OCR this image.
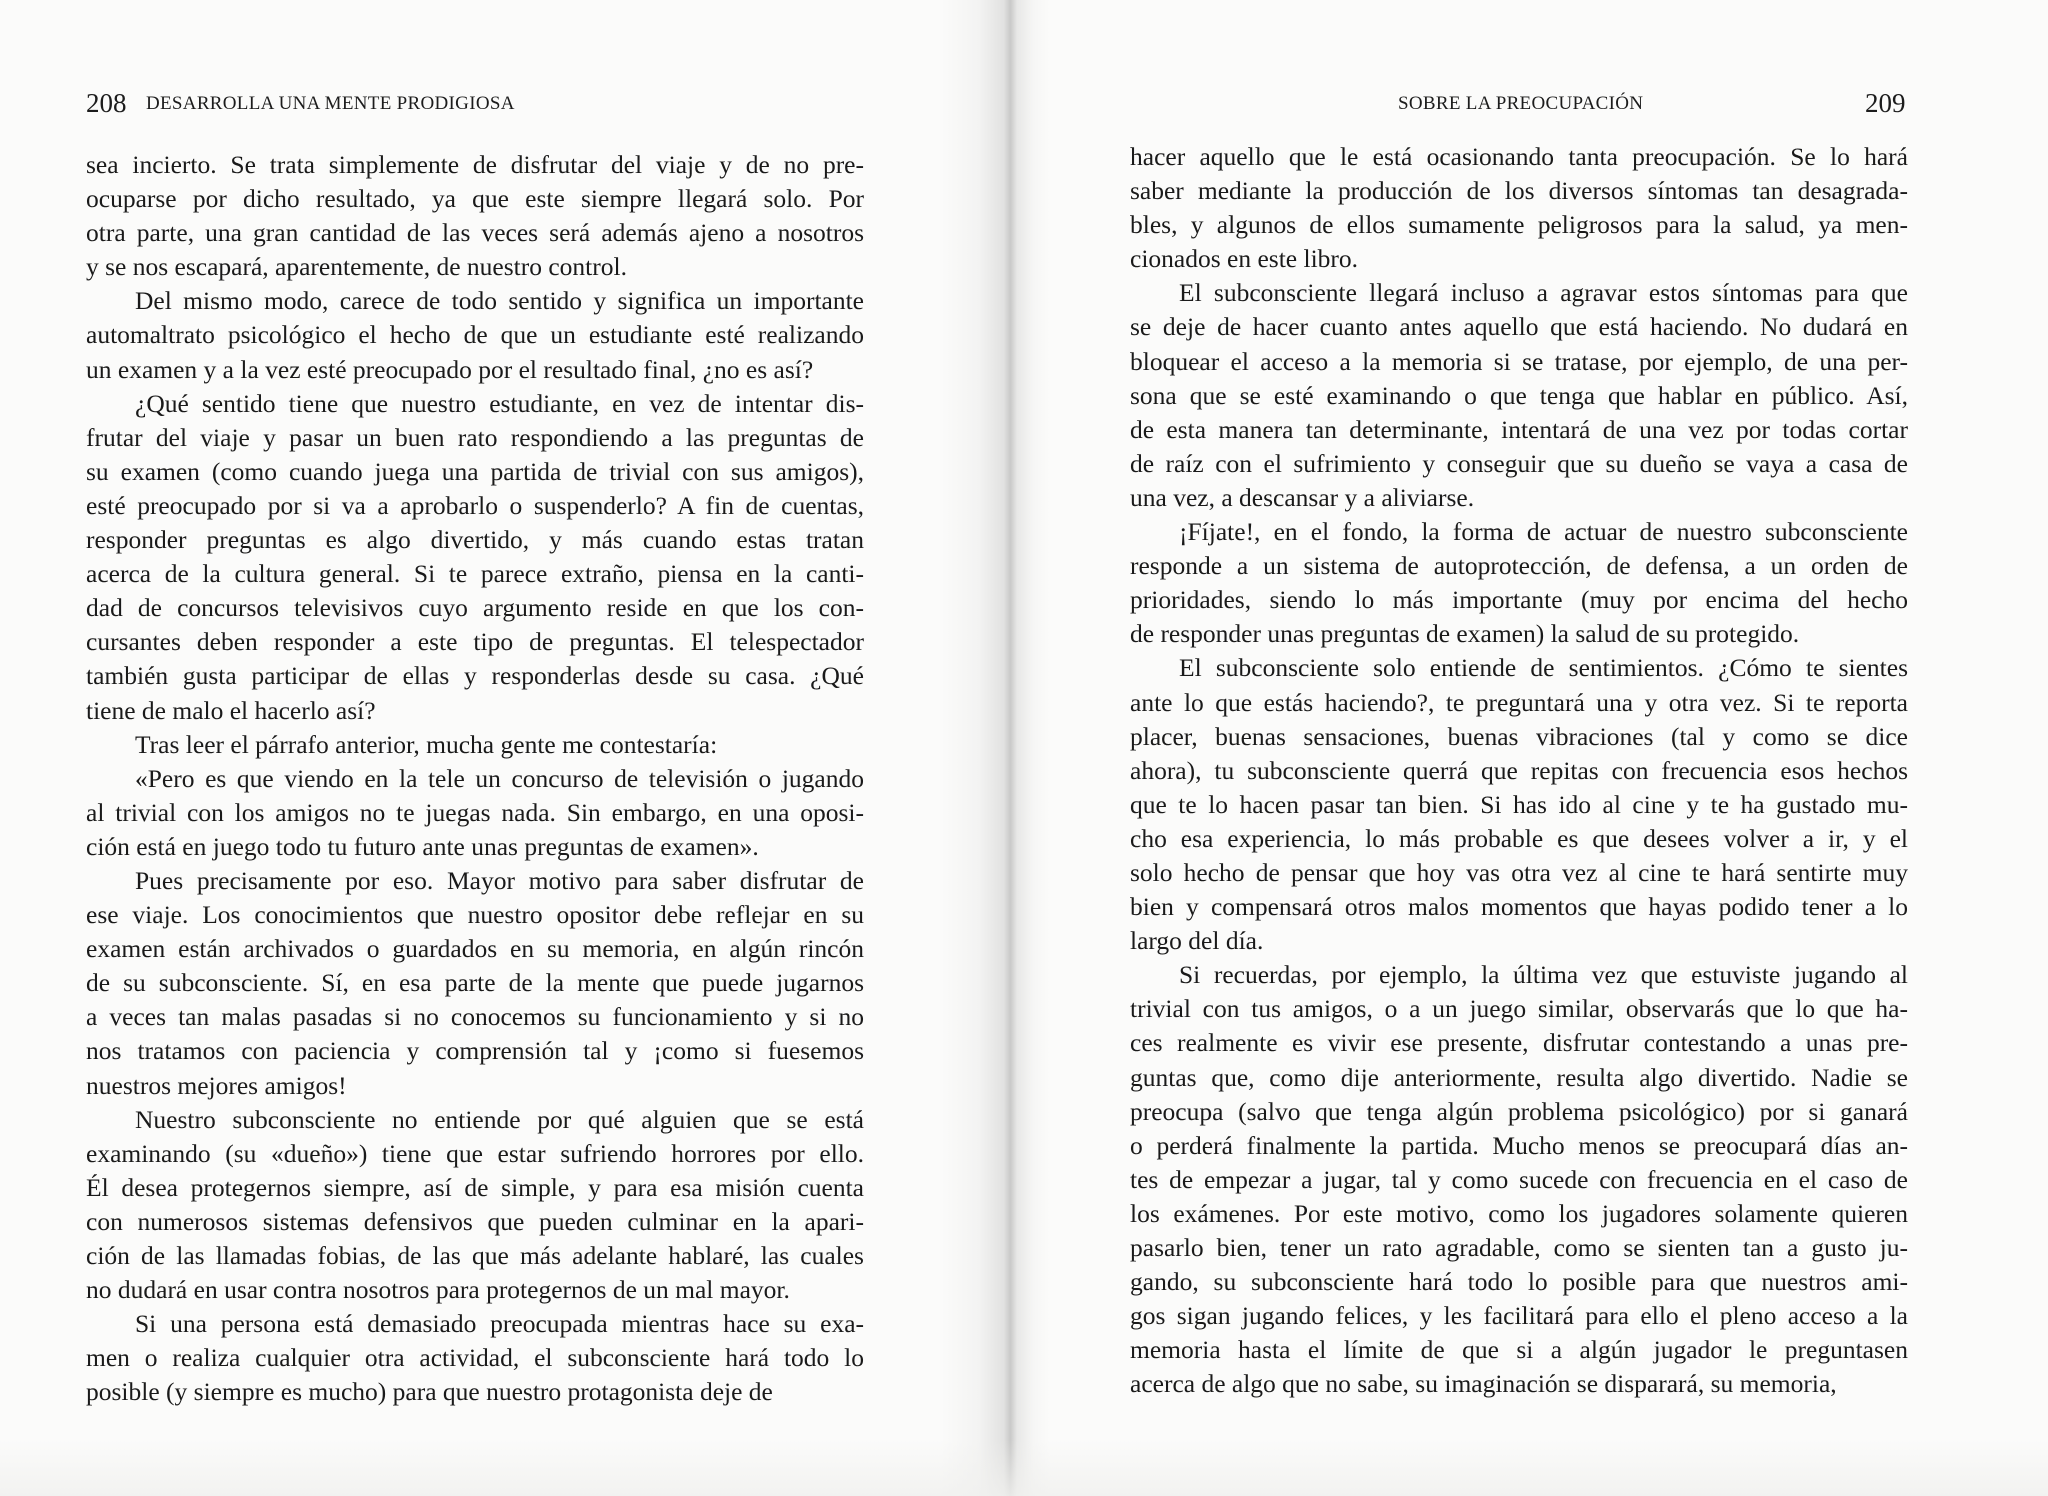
208 DESARROLLA UNA MENTE PRODIGIOSA
sea incierto. Se trata simplemente de disfrutar del viaje y de no pre-
ocuparse por dicho resultado, ya que este siempre llegará solo. Por
otra parte, una gran cantidad de las veces será además ajeno a nosotros
y se nos escapará, aparentemente, de nuestro control.
Del mismo modo, carece de todo sentido y significa un importante
automaltrato psicológico el hecho de que un estudiante esté realizando
un examen y a la vez esté preocupado por el resultado final, ¿no es así?
¿Qué sentido tiene que nuestro estudiante, en vez de intentar dis-
frutar del viaje y pasar un buen rato respondiendo a las preguntas de
su examen (como cuando juega una partida de trivial con sus amigos),
esté preocupado por si va a aprobarlo o suspenderlo? A fin de cuentas,
responder preguntas es algo divertido, y más cuando estas tratan
acerca de la cultura general. Si te parece extraño, piensa en la canti-
dad de concursos televisivos cuyo argumento reside en que los con-
cursantes deben responder a este tipo de preguntas. El telespectador
también gusta participar de ellas y responderlas desde su casa. ¿Qué
tiene de malo el hacerlo así?
Tras leer el párrafo anterior, mucha gente me contestaría:
«Pero es que viendo en la tele un concurso de televisión o jugando
al trivial con los amigos no te juegas nada. Sin embargo, en una oposi-
ción está en juego todo tu futuro ante unas preguntas de examen».
Pues precisamente por eso. Mayor motivo para saber disfrutar de
ese viaje. Los conocimientos que nuestro opositor debe reflejar en su
examen están archivados o guardados en su memoria, en algún rincón
de su subconsciente. Sí, en esa parte de la mente que puede jugarnos
a veces tan malas pasadas si no conocemos su funcionamiento y si no
nos tratamos con paciencia y comprensión tal y ¡como si fuesemos
nuestros mejores amigos!
Nuestro subconsciente no entiende por qué alguien que se está
examinando (su «dueño») tiene que estar sufriendo horrores por ello.
Él desea protegernos siempre, así de simple, y para esa misión cuenta
con numerosos sistemas defensivos que pueden culminar en la apari-
ción de las llamadas fobias, de las que más adelante hablaré, las cuales
no dudará en usar contra nosotros para protegernos de un mal mayor.
Si una persona está demasiado preocupada mientras hace su exa-
men o realiza cualquier otra actividad, el subconsciente hará todo lo
posible (y siempre es mucho) para que nuestro protagonista deje de
SOBRE LA PREOCUPACIÓN	209
hacer aquello que le está ocasionando tanta preocupación. Se lo hará
saber mediante la producción de los diversos síntomas tan desagrada-
bles, y algunos de ellos sumamente peligrosos para la salud, ya men-
cionados en este libro.
El subconsciente llegará incluso a agravar estos síntomas para que
se deje de hacer cuanto antes aquello que está haciendo. No dudará en
bloquear el acceso a la memoria si se tratase, por ejemplo, de una per-
sona que se esté examinando o que tenga que hablar en público. Así,
de esta manera tan determinante, intentará de una vez por todas cortar
de raíz con el sufrimiento y conseguir que su dueño se vaya a casa de
una vez, a descansar y a aliviarse.
¡Fíjate!, en el fondo, la forma de actuar de nuestro subconsciente
responde a un sistema de autoprotección, de defensa, a un orden de
prioridades, siendo lo más importante (muy por encima del hecho
de responder unas preguntas de examen) la salud de su protegido.
El subconsciente solo entiende de sentimientos. ¿Cómo te sientes
ante lo que estás haciendo?, te preguntará una y otra vez. Si te reporta
placer, buenas sensaciones, buenas vibraciones (tal y como se dice
ahora), tu subconsciente querrá que repitas con frecuencia esos hechos
que te lo hacen pasar tan bien. Si has ido al cine y te ha gustado mu-
cho esa experiencia, lo más probable es que desees volver a ir, y el
solo hecho de pensar que hoy vas otra vez al cine te hará sentirte muy
bien y compensará otros malos momentos que hayas podido tener a lo
largo del día.
Si recuerdas, por ejemplo, la última vez que estuviste jugando al
trivial con tus amigos, o a un juego similar, observarás que lo que ha-
ces realmente es vivir ese presente, disfrutar contestando a unas pre-
guntas que, como dije anteriormente, resulta algo divertido. Nadie se
preocupa (salvo que tenga algún problema psicológico) por si ganará
o perderá finalmente la partida. Mucho menos se preocupará días an-
tes de empezar a jugar, tal y como sucede con frecuencia en el caso de
los exámenes. Por este motivo, como los jugadores solamente quieren
pasarlo bien, tener un rato agradable, como se sienten tan a gusto ju-
gando, su subconsciente hará todo lo posible para que nuestros ami-
gos sigan jugando felices, y les facilitará para ello el pleno acceso a la
memoria hasta el límite de que si a algún jugador le preguntasen
acerca de algo que no sabe, su imaginación se disparará, su memoria,
